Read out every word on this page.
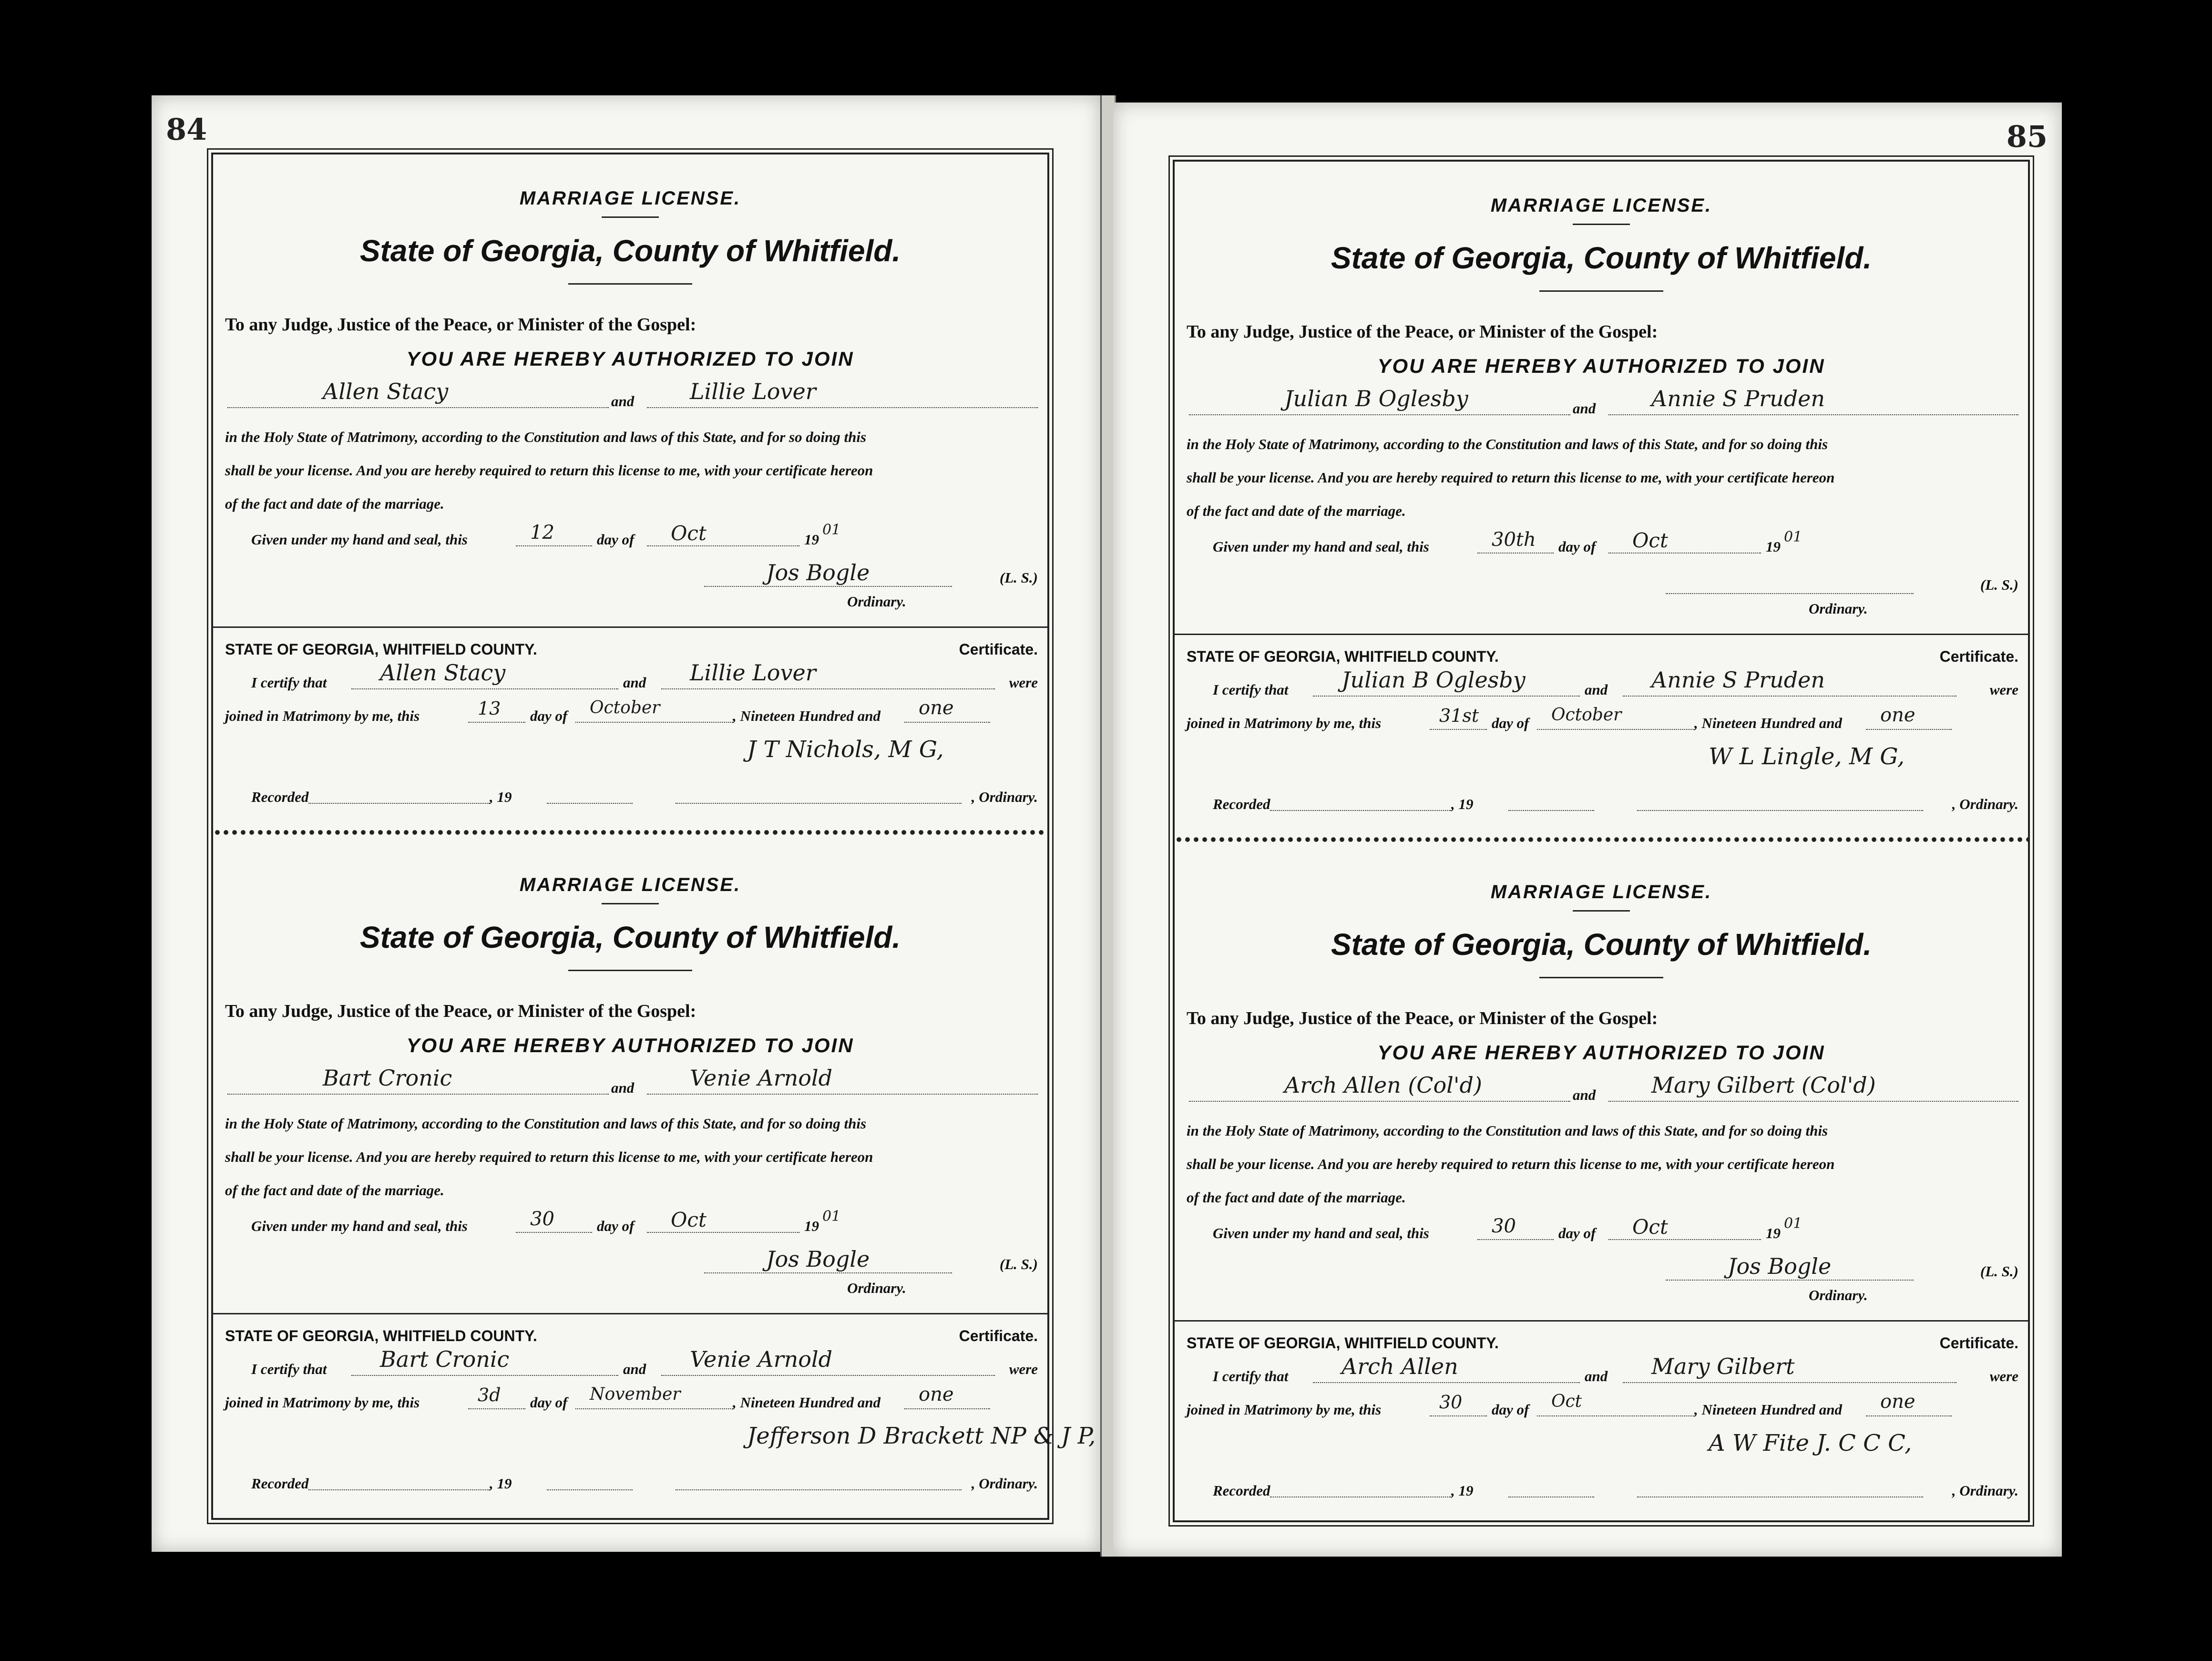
84
MARRIAGE LICENSE.
State of Georgia, County of Whitfield.
To any Judge, Justice of the Peace, or Minister of the Gospel:
YOU ARE HEREBY AUTHORIZED TO JOIN
Allen Stacy	and	Lillie Lover
in the Holy State of Matrimony, according to the Constitution and laws of this State, and for so doing this
shall be your license. And you are hereby required to return this license to me, with your certificate hereon
of the fact and date of the marriage.
Given under my hand and seal, this	12	day of Oct	19
01
Jos Bogle	(L. S.)
Ordinary.
STATE OF GEORGIA, WHITFIELD COUNTY.	Certificate.
I certify that Allen Stacy	and Lillie Lover	were
joined in Matrimony by me, this	13 day of October	, Nineteen Hundred and one
J T Nichols, M G,
Recorded	, 19	, Ordinary.
MARRIAGE LICENSE.
State of Georgia, County of Whitfield.
To any Judge, Justice of the Peace, or Minister of the Gospel:
YOU ARE HEREBY AUTHORIZED TO JOIN
Bart Cronic	and	Venie Arnold
in the Holy State of Matrimony, according to the Constitution and laws of this State, and for so doing this
shall be your license. And you are hereby required to return this license to me, with your certificate hereon
of the fact and date of the marriage.
Given under my hand and seal, this	30	day of Oct	19
01
Jos Bogle	(L. S.)
Ordinary.
STATE OF GEORGIA, WHITFIELD COUNTY.	Certificate.
I certify that Bart Cronic	and Venie Arnold	were
joined in Matrimony by me, this	3d day of November	, Nineteen Hundred and one
Jefferson D Brackett NP & J P,
Recorded	, 19	, Ordinary.
85
MARRIAGE LICENSE.
State of Georgia, County of Whitfield.
To any Judge, Justice of the Peace, or Minister of the Gospel:
YOU ARE HEREBY AUTHORIZED TO JOIN
Julian B Oglesby	and	Annie S Pruden
in the Holy State of Matrimony, according to the Constitution and laws of this State, and for so doing this
shall be your license. And you are hereby required to return this license to me, with your certificate hereon
of the fact and date of the marriage.
Given under my hand and seal, this	30th day of Oct	19
01
(L. S.)
Ordinary.
STATE OF GEORGIA, WHITFIELD COUNTY.	Certificate.
I certify that Julian B Oglesby	and Annie S Pruden	were
joined in Matrimony by me, this	31st day of October	, Nineteen Hundred and one
W L Lingle, M G,
Recorded	, 19	, Ordinary.
MARRIAGE LICENSE.
State of Georgia, County of Whitfield.
To any Judge, Justice of the Peace, or Minister of the Gospel:
YOU ARE HEREBY AUTHORIZED TO JOIN
Arch Allen (Col'd)	and	Mary Gilbert (Col'd)
in the Holy State of Matrimony, according to the Constitution and laws of this State, and for so doing this
shall be your license. And you are hereby required to return this license to me, with your certificate hereon
of the fact and date of the marriage.
Given under my hand and seal, this	30	day of Oct	19
01
Jos Bogle	(L. S.)
Ordinary.
STATE OF GEORGIA, WHITFIELD COUNTY.	Certificate.
I certify that Arch Allen	and Mary Gilbert	were
joined in Matrimony by me, this	30 day of Oct	, Nineteen Hundred and one
A W Fite J. C C C,
Recorded	, 19	, Ordinary.
